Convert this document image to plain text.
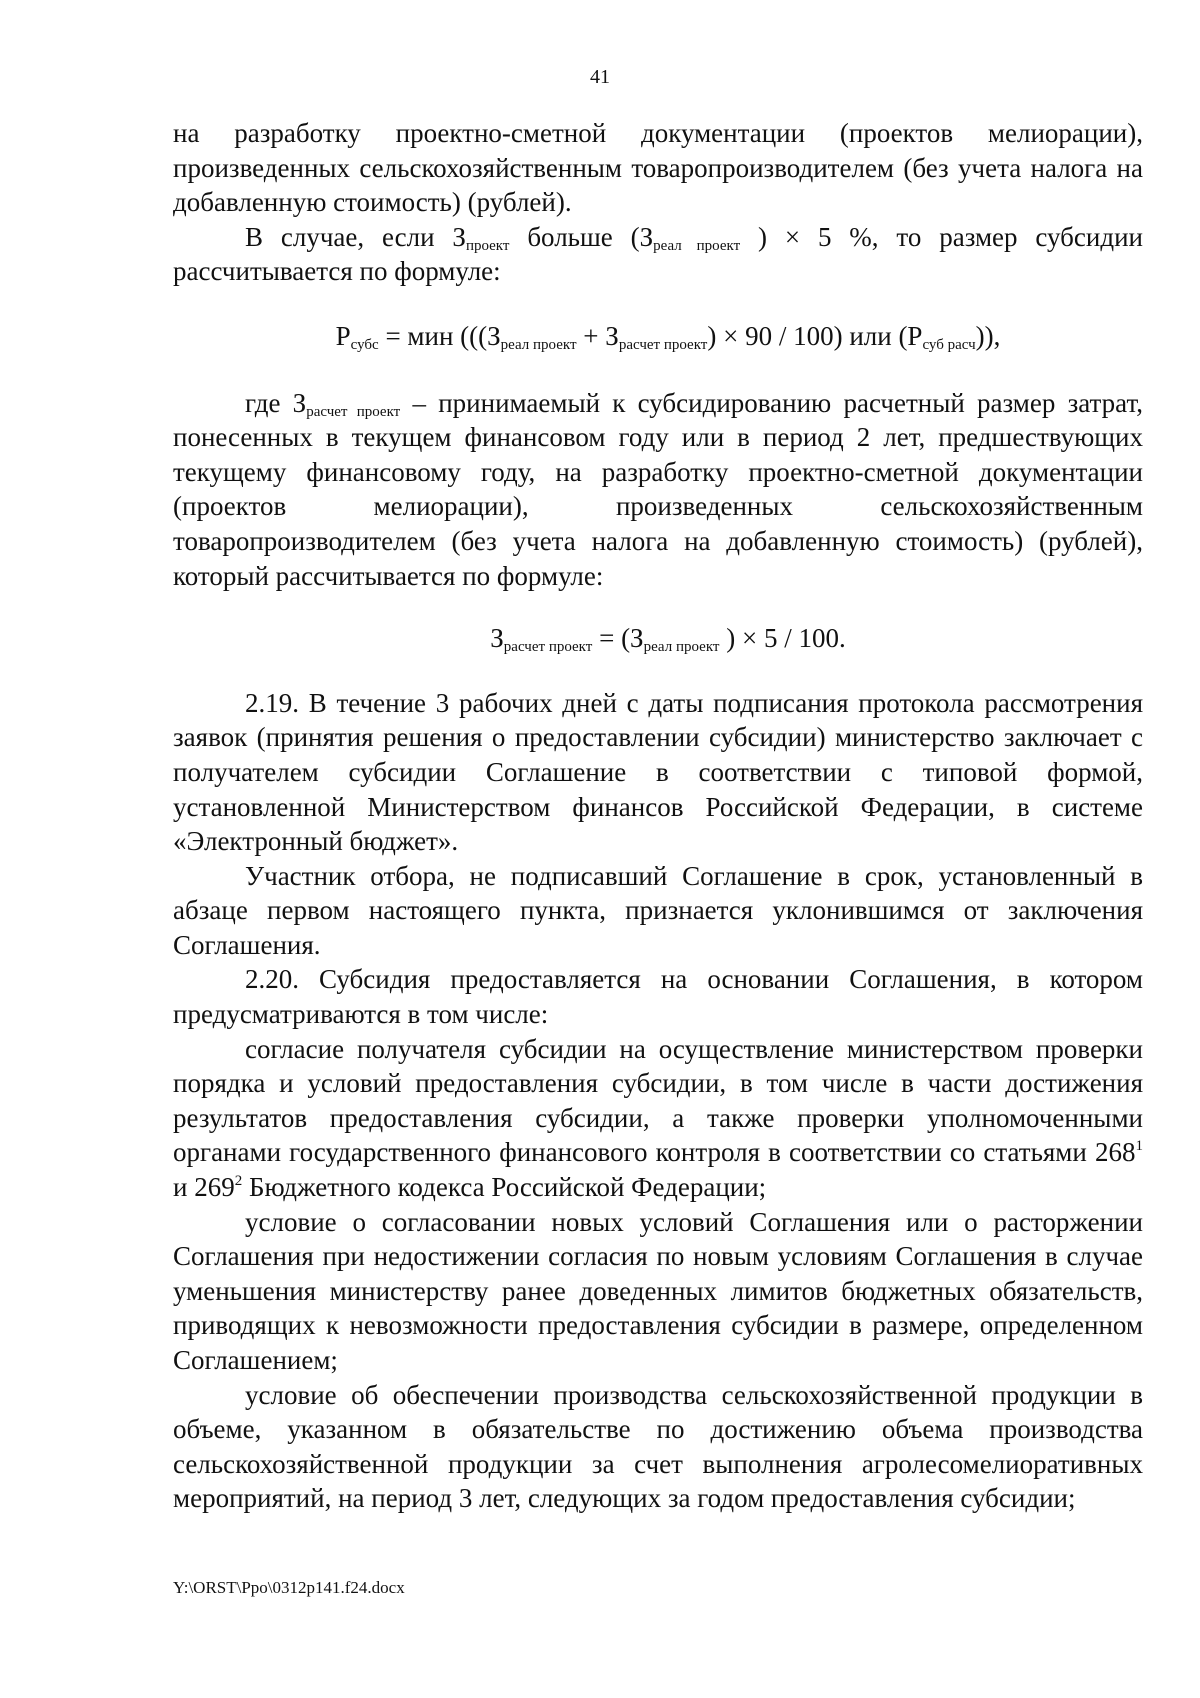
41

на разработку проектно-сметной документации (проектов мелиорации), произведенных сельскохозяйственным товаропроизводителем (без учета налога на добавленную стоимость) (рублей).

В случае, если $З_{проект}$ больше ($З_{реал проект}$ ) × 5 %, то размер субсидии рассчитывается по формуле:

$Р_{субс}$ = мин ($((З_{реал проект} + З_{расчет проект}) \times 90 / 100)$ или $(Р_{суб расч})$),

где $З_{расчет проект}$ – принимаемый к субсидированию расчетный размер затрат, понесенных в текущем финансовом году или в период 2 лет, предшествующих текущему финансовому году, на разработку проектно-сметной документации (проектов мелиорации), произведенных сельскохозяйственным товаропроизводителем (без учета налога на добавленную стоимость) (рублей), который рассчитывается по формуле:

$З_{расчет проект} = (З_{реал проект}$ ) × 5 / 100.

2.19. В течение 3 рабочих дней с даты подписания протокола рассмотрения заявок (принятия решения о предоставлении субсидии) министерство заключает с получателем субсидии Соглашение в соответствии с типовой формой, установленной Министерством финансов Российской Федерации, в системе «Электронный бюджет».

Участник отбора, не подписавший Соглашение в срок, установленный в абзаце первом настоящего пункта, признается уклонившимся от заключения Соглашения.

2.20. Субсидия предоставляется на основании Соглашения, в котором предусматриваются в том числе:

согласие получателя субсидии на осуществление министерством проверки порядка и условий предоставления субсидии, в том числе в части достижения результатов предоставления субсидии, а также проверки уполномоченными органами государственного финансового контроля в соответствии со статьями $268^1$ и $269^2$ Бюджетного кодекса Российской Федерации;

условие о согласовании новых условий Соглашения или о расторжении Соглашения при недостижении согласия по новым условиям Соглашения в случае уменьшения министерству ранее доведенных лимитов бюджетных обязательств, приводящих к невозможности предоставления субсидии в размере, определенном Соглашением;

условие об обеспечении производства сельскохозяйственной продукции в объеме, указанном в обязательстве по достижению объема производства сельскохозяйственной продукции за счет выполнения агролесомелиоративных мероприятий, на период 3 лет, следующих за годом предоставления субсидии;

Y:\ORST\Ppo\0312p141.f24.docx
